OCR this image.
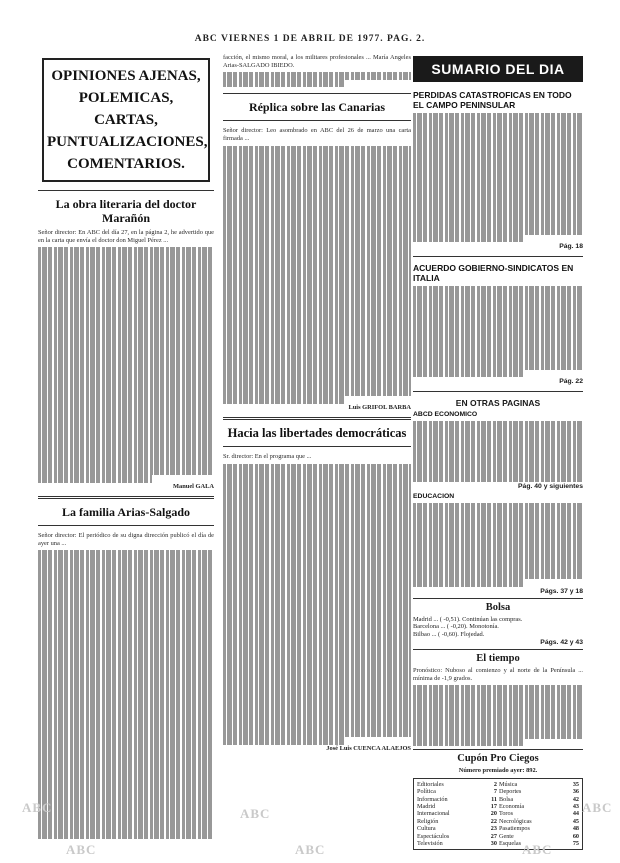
ABC VIERNES 1 DE ABRIL DE 1977. PAG. 2.
OPINIONES AJENAS,
POLEMICAS, CARTAS,
PUNTUALIZACIONES,
COMENTARIOS.
La obra literaria del doctor Marañón
Señor director: En ABC del día 27, en la página 2, he advertido que en la carta que envía el doctor don Miguel Pérez ...
Manuel GALA
La familia Arias-Salgado
Señor director: El periódico de su digna dirección publicó el día de ayer una ...
facción, el mismo moral, a los militares profesionales ... María Angeles Arias-SALGADO IBIEDO.
Réplica sobre las Canarias
Señor director: Leo asombrado en ABC del 26 de marzo una carta firmada ...
Luis GRIFOL BARBA
Hacia las libertades democráticas
Sr. director: En el programa que ...
José Luis CUENCA ALAEJOS
SUMARIO DEL DIA
PERDIDAS CATASTROFICAS EN TODO EL CAMPO PENINSULAR
Pág. 18
ACUERDO GOBIERNO-SINDICATOS EN ITALIA
Pág. 22
EN OTRAS PAGINAS
ABCD ECONOMICO
Pág. 40 y siguientes
EDUCACION
Págs. 37 y 18
Bolsa
Madrid ... ( -0,51). Continúan las compras.
Barcelona ... ( -0,20). Monotonía.
Bilbao ... ( -0,60). Flojedad.
Págs. 42 y 43
El tiempo
Pronóstico: Nuboso al comienzo y al norte de la Península ... mínima de -1,9 grados.
Cupón Pro Ciegos
Número premiado ayer: 892.
Editoriales	2	Música	35
Política	7	Deportes	36
Información	11	Bolsa	42
Madrid	17	Economía	43
Internacional	20	Toros	44
Religión	22	Necrológicas	45
Cultura	23	Pasatiempos	48
Espectáculos	27	Gente	60
Televisión	30	Esquelas	75
ABC	ABC	ABC
ABC	ABC
ABC
